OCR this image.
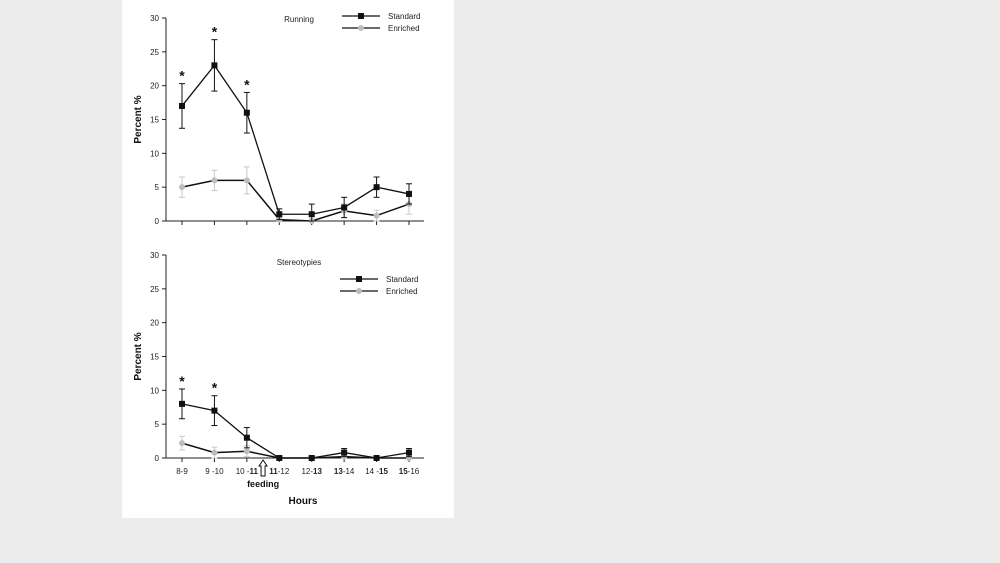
0
5
10
15
20
25
30
Percent %
Running
*
*
*
Standard
Enriched
0
5
10
15
20
25
30
Percent %
Stereotypies
* *
Standard
Enriched
8-9 9 -10 10 -11 11-12 12-13 13-14 14 -15 15-16
feeding
Hours
